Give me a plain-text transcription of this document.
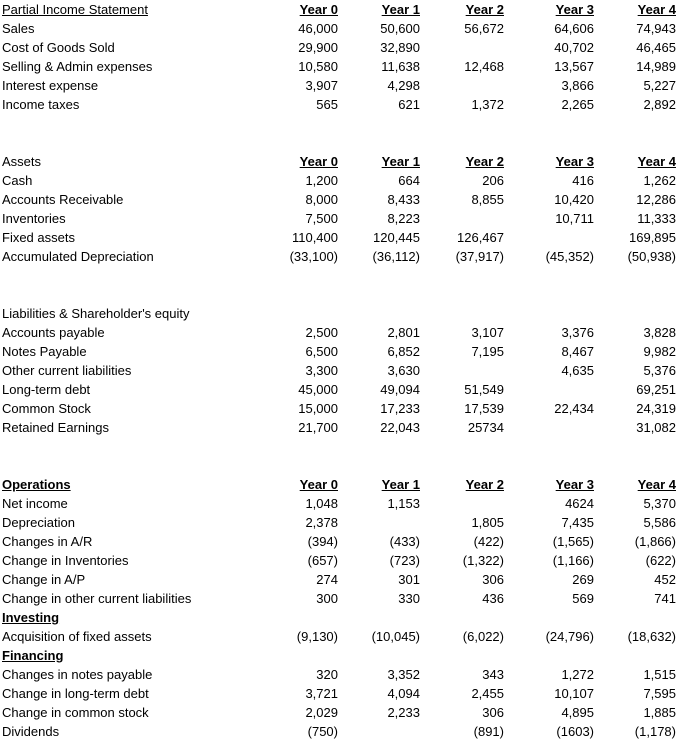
Partial Income Statement	Year 0	Year 1	Year 2	Year 3	Year 4
Sales	46,000	50,600	56,672	64,606	74,943
Cost of Goods Sold	29,900	32,890		40,702	46,465
Selling & Admin expenses	10,580	11,638	12,468	13,567	14,989
Interest expense	3,907	4,298		3,866	5,227
Income taxes	565	621	1,372	2,265	2,892

Assets	Year 0	Year 1	Year 2	Year 3	Year 4
Cash	1,200	664	206	416	1,262
Accounts Receivable	8,000	8,433	8,855	10,420	12,286
Inventories	7,500	8,223		10,711	11,333
Fixed assets	110,400	120,445	126,467		169,895
Accumulated Depreciation	(33,100)	(36,112)	(37,917)	(45,352)	(50,938)

Liabilities & Shareholder's equity					
Accounts payable	2,500	2,801	3,107	3,376	3,828
Notes Payable	6,500	6,852	7,195	8,467	9,982
Other current liabilities	3,300	3,630		4,635	5,376
Long-term debt	45,000	49,094	51,549		69,251
Common Stock	15,000	17,233	17,539	22,434	24,319
Retained Earnings	21,700	22,043	25734		31,082

Operations	Year 0	Year 1	Year 2	Year 3	Year 4
Net income	1,048	1,153		4624	5,370
Depreciation	2,378		1,805	7,435	5,586
Changes in A/R	(394)	(433)	(422)	(1,565)	(1,866)
Change in Inventories	(657)	(723)	(1,322)	(1,166)	(622)
Change in A/P	274	301	306	269	452
Change in other current liabilities	300	330	436	569	741
Investing					
Acquisition of fixed assets	(9,130)	(10,045)	(6,022)	(24,796)	(18,632)
Financing					
Changes in notes payable	320	3,352	343	1,272	1,515
Change in long-term debt	3,721	4,094	2,455	10,107	7,595
Change in common stock	2,029	2,233	306	4,895	1,885
Dividends	(750)		(891)	(1603)	(1,178)
